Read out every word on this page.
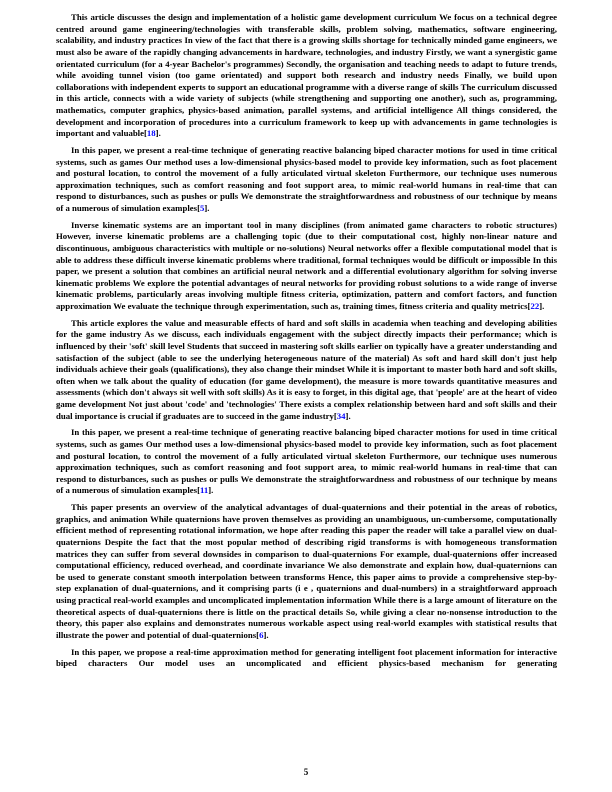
This article discusses the design and implementation of a holistic game development curriculum We focus on a technical degree centred around game engineering/technologies with transferable skills, problem solving, mathematics, software engineering, scalability, and industry practices In view of the fact that there is a growing skills shortage for technically minded game engineers, we must also be aware of the rapidly changing advancements in hardware, technologies, and industry Firstly, we want a synergistic game orientated curriculum (for a 4-year Bachelor's programmes) Secondly, the organisation and teaching needs to adapt to future trends, while avoiding tunnel vision (too game orientated) and support both research and industry needs Finally, we build upon collaborations with independent experts to support an educational programme with a diverse range of skills The curriculum discussed in this article, connects with a wide variety of subjects (while strengthening and supporting one another), such as, programming, mathematics, computer graphics, physics-based animation, parallel systems, and artificial intelligence All things considered, the development and incorporation of procedures into a curriculum framework to keep up with advancements in game technologies is important and valuable[18].

In this paper, we present a real-time technique of generating reactive balancing biped character motions for used in time critical systems, such as games Our method uses a low-dimensional physics-based model to provide key information, such as foot placement and postural location, to control the movement of a fully articulated virtual skeleton Furthermore, our technique uses numerous approximation techniques, such as comfort reasoning and foot support area, to mimic real-world humans in real-time that can respond to disturbances, such as pushes or pulls We demonstrate the straightforwardness and robustness of our technique by means of a numerous of simulation examples[5].

Inverse kinematic systems are an important tool in many disciplines (from animated game characters to robotic structures) However, inverse kinematic problems are a challenging topic (due to their computational cost, highly non-linear nature and discontinuous, ambiguous characteristics with multiple or no-solutions) Neural networks offer a flexible computational model that is able to address these difficult inverse kinematic problems where traditional, formal techniques would be difficult or impossible In this paper, we present a solution that combines an artificial neural network and a differential evolutionary algorithm for solving inverse kinematic problems We explore the potential advantages of neural networks for providing robust solutions to a wide range of inverse kinematic problems, particularly areas involving multiple fitness criteria, optimization, pattern and comfort factors, and function approximation We evaluate the technique through experimentation, such as, training times, fitness criteria and quality metrics[22].

This article explores the value and measurable effects of hard and soft skills in academia when teaching and developing abilities for the game industry As we discuss, each individuals engagement with the subject directly impacts their performance; which is influenced by their 'soft' skill level Students that succeed in mastering soft skills earlier on typically have a greater understanding and satisfaction of the subject (able to see the underlying heterogeneous nature of the material) As soft and hard skill don't just help individuals achieve their goals (qualifications), they also change their mindset While it is important to master both hard and soft skills, often when we talk about the quality of education (for game development), the measure is more towards quantitative measures and assessments (which don't always sit well with soft skills) As it is easy to forget, in this digital age, that 'people' are at the heart of video game development Not just about 'code' and 'technologies' There exists a complex relationship between hard and soft skills and their dual importance is crucial if graduates are to succeed in the game industry[34].

In this paper, we present a real-time technique of generating reactive balancing biped character motions for used in time critical systems, such as games Our method uses a low-dimensional physics-based model to provide key information, such as foot placement and postural location, to control the movement of a fully articulated virtual skeleton Furthermore, our technique uses numerous approximation techniques, such as comfort reasoning and foot support area, to mimic real-world humans in real-time that can respond to disturbances, such as pushes or pulls We demonstrate the straightforwardness and robustness of our technique by means of a numerous of simulation examples[11].

This paper presents an overview of the analytical advantages of dual-quaternions and their potential in the areas of robotics, graphics, and animation While quaternions have proven themselves as providing an unambiguous, un-cumbersome, computationally efficient method of representing rotational information, we hope after reading this paper the reader will take a parallel view on dual-quaternions Despite the fact that the most popular method of describing rigid transforms is with homogeneous transformation matrices they can suffer from several downsides in comparison to dual-quaternions For example, dual-quaternions offer increased computational efficiency, reduced overhead, and coordinate invariance We also demonstrate and explain how, dual-quaternions can be used to generate constant smooth interpolation between transforms Hence, this paper aims to provide a comprehensive step-by-step explanation of dual-quaternions, and it comprising parts (i e , quaternions and dual-numbers) in a straightforward approach using practical real-world examples and uncomplicated implementation information While there is a large amount of literature on the theoretical aspects of dual-quaternions there is little on the practical details So, while giving a clear no-nonsense introduction to the theory, this paper also explains and demonstrates numerous workable aspect using real-world examples with statistical results that illustrate the power and potential of dual-quaternions[6].

In this paper, we propose a real-time approximation method for generating intelligent foot placement information for interactive biped characters Our model uses an uncomplicated and efficient physics-based mechanism for generating

5
